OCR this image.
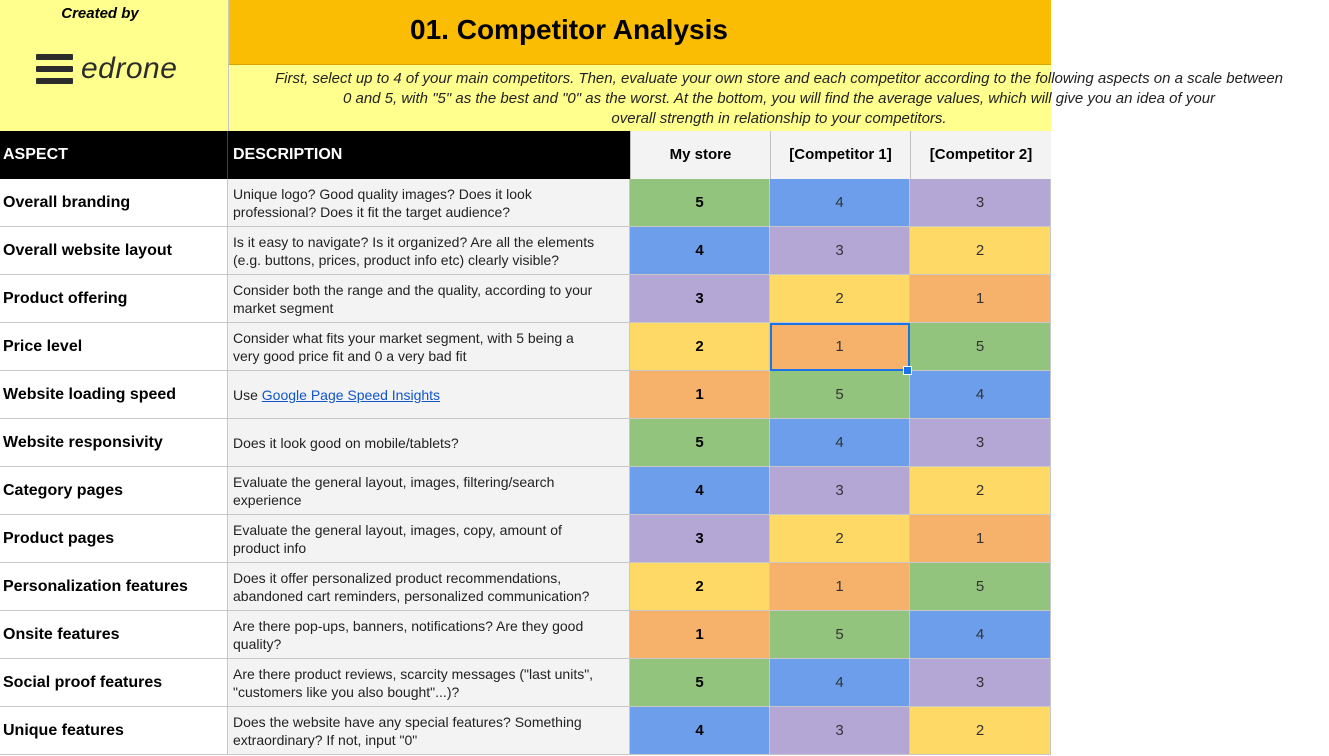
Created by
edrone
01. Competitor Analysis
First, select up to 4 of your main competitors. Then, evaluate your own store and each competitor according to the following aspects on a scale between
0 and 5, with "5" as the best and "0" as the worst. At the bottom, you will find the average values, which will give you an idea of your
overall strength in relationship to your competitors.
ASPECT	DESCRIPTION	My store	[Competitor 1]	[Competitor 2]
Overall branding	Unique logo? Good quality images? Does it look
professional? Does it fit the target audience?
5	4	3
Overall website layout	Is it easy to navigate? Is it organized? Are all the elements
(e.g. buttons, prices, product info etc) clearly visible?
4	3	2
Product offering	Consider both the range and the quality, according to your
market segment
3	2	1
Price level	Consider what fits your market segment, with 5 being a
very good price fit and 0 a very bad fit
2	1	5
Website loading speed	Use Google Page Speed Insights	1	5	4
Website responsivity	Does it look good on mobile/tablets?	5	4	3
Category pages	Evaluate the general layout, images, filtering/search
experience
4	3	2
Product pages	Evaluate the general layout, images, copy, amount of
product info
3	2	1
Personalization features	Does it offer personalized product recommendations,
abandoned cart reminders, personalized communication?
2	1	5
Onsite features	Are there pop-ups, banners, notifications? Are they good
quality?
1	5	4
Social proof features	Are there product reviews, scarcity messages ("last units",
"customers like you also bought"...)?
5	4	3
Unique features	Does the website have any special features? Something
extraordinary? If not, input "0"
4	3	2
